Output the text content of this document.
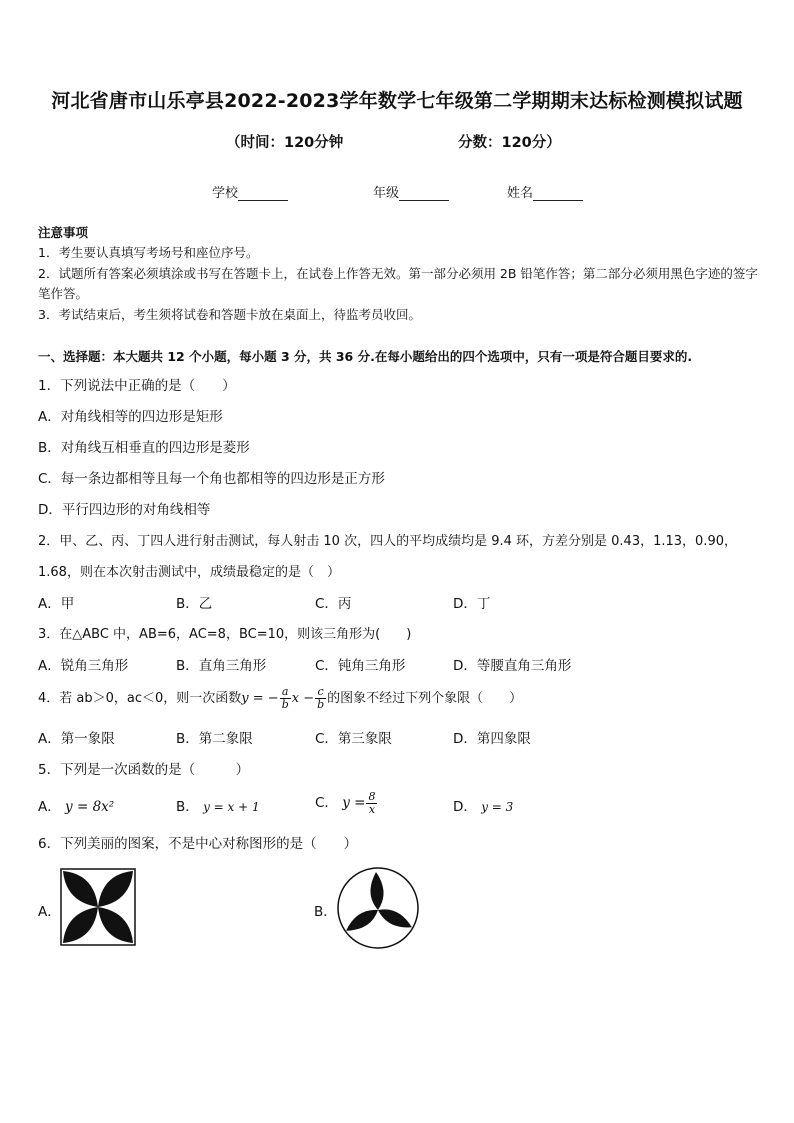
河北省唐市山乐亭县2022-2023学年数学七年级第二学期期末达标检测模拟试题
（时间：120分钟	分数：120分）
学校	年级	姓名
注意事项
1．考生要认真填写考场号和座位序号。
2．试题所有答案必须填涂或书写在答题卡上，在试卷上作答无效。第一部分必须用 2B 铅笔作答；第二部分必须用黑色字迹的签字笔作答。
3．考试结束后，考生须将试卷和答题卡放在桌面上，待监考员收回。
一、选择题：本大题共 12 个小题，每小题 3 分，共 36 分.在每小题给出的四个选项中，只有一项是符合题目要求的.
1．下列说法中正确的是（　　）
A．对角线相等的四边形是矩形
B．对角线互相垂直的四边形是菱形
C．每一条边都相等且每一个角也都相等的四边形是正方形
D．平行四边形的对角线相等
2．甲、乙、丙、丁四人进行射击测试，每人射击 10 次，四人的平均成绩均是 9.4 环，方差分别是 0.43，1.13，0.90，
1.68，则在本次射击测试中，成绩最稳定的是（　）
A．甲	B．乙	C．丙	D．丁
3．在△ABC 中，AB=6，AC=8，BC=10，则该三角形为(　　)
A．锐角三角形	B．直角三角形	C．钝角三角形	D．等腰直角三角形
4．若 ab＞0，ac＜0，则一次函数y = − $\frac{a}{b}$ $x - \frac{c}{b}$ 的图象不经过下列个象限（　　）
A．第一象限	B．第二象限	C．第三象限	D．第四象限
5．下列是一次函数的是（　　　）
A． y = 8x²	B． y = x + 1	C． $y = \frac{8}{x}$	D． y = 3
6．下列美丽的图案，不是中心对称图形的是（　　）
A．	B．
